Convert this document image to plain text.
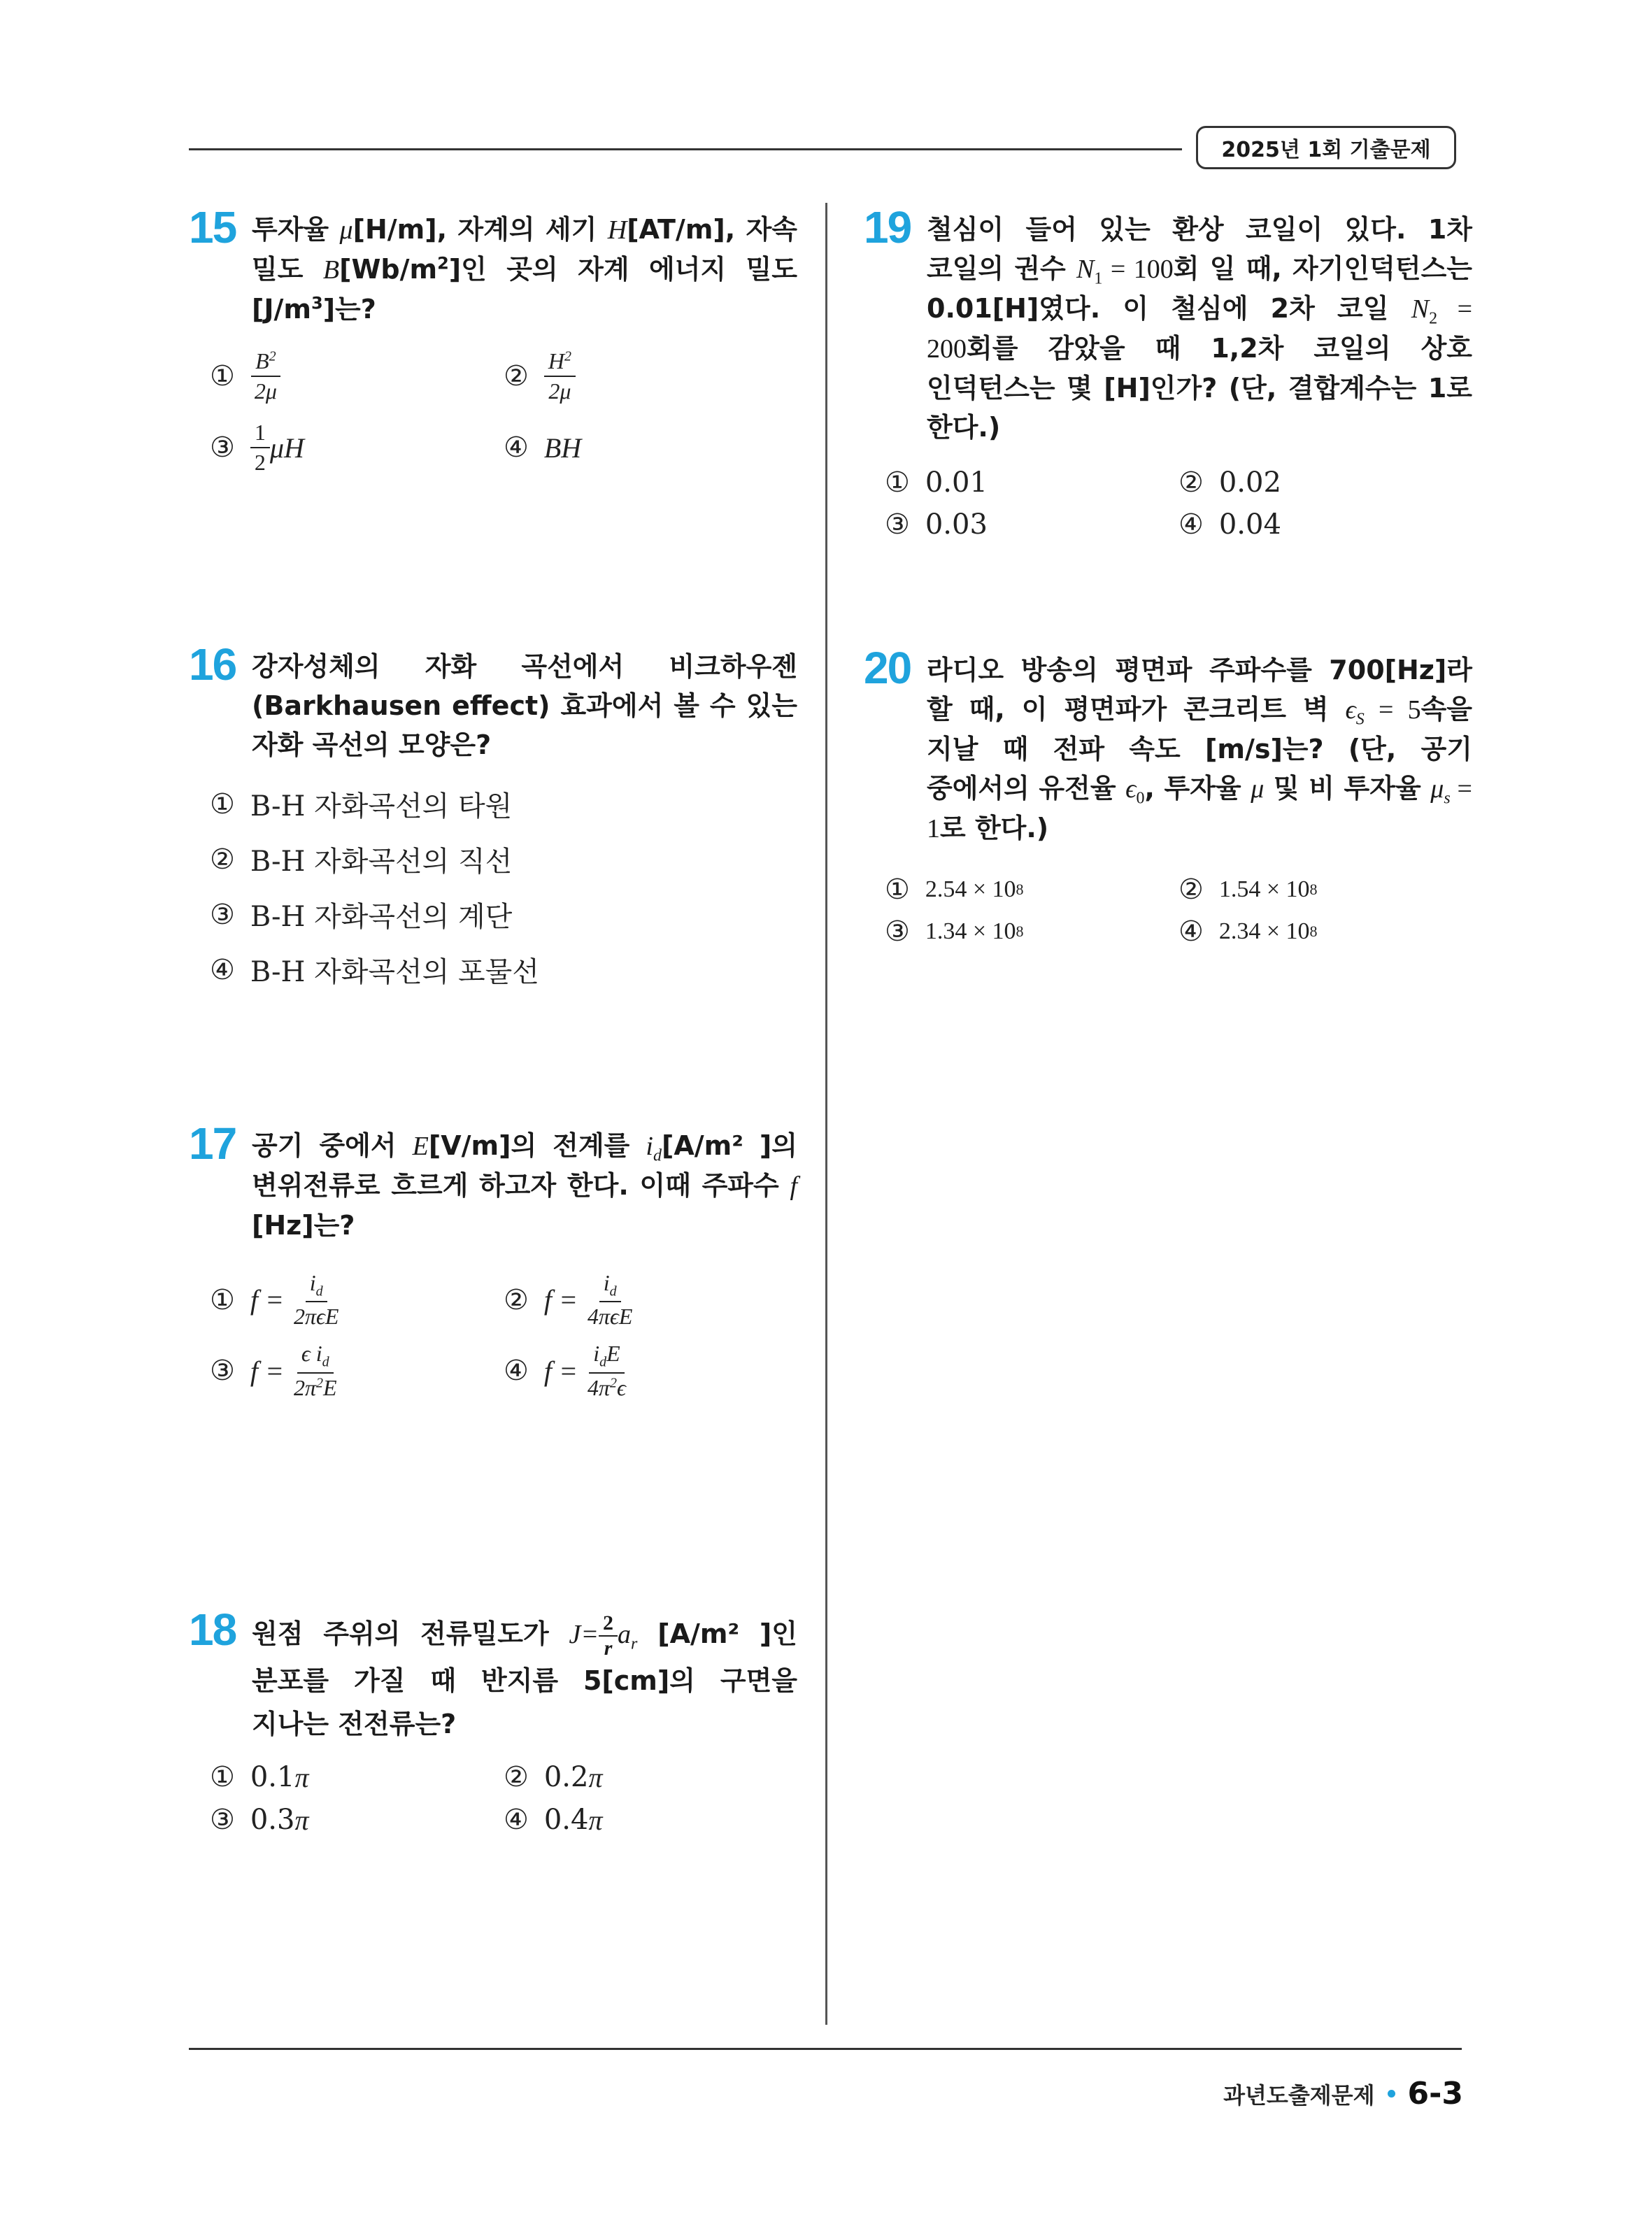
2025년 1회 기출문제
15 투자율 μ[H/m], 자계의 세기 H[AT/m], 자속 밀도 $B[Wb/m^2]$인 곳의 자계 에너지 밀도$[J/m^3]$는?
① $\frac{B^2}{2\mu}$	② $\frac{H^2}{2\mu}$
③ $\frac{1}{2}$ μH	④ BH
16 강자성체의 자화 곡선에서 비크하우젠(Barkhausen effect) 효과에서 볼 수 있는 자화 곡선의 모양은?
① B-H 자화곡선의 타원
② B-H 자화곡선의 직선
③ B-H 자화곡선의 계단
④ B-H 자화곡선의 포물선
17 공기 중에서 E[V/m]의 전계를 $i_d[A/m^2$ ]의 변위전류로 흐르게 하고자 한다. 이때 주파수 f [Hz]는?
① $f = \frac{i_d}{\text{2πϵE}}$	② $f = \frac{i_d}{\text{4πϵE}}$
③ $f = \frac{\epsilon i_d}{2\pi^2E}$	④ $f = \frac{i_dE}{4\pi^2\epsilon}$
18 원점 주위의 전류밀도가 $J= \frac{2}{r} a_r$ [A/m² ]인 분포를 가질 때 반지름 5[cm]의 구면을 지나는 전전류는?
① 0.1 π	② 0.2 π
③ 0.3 π	④ 0.4 π
19 철심이 들어 있는 환상 코일이 있다. 1차 코일의 권수 $N_1 = 100$회 일 때, 자기인덕턴스는 0.01[H]였다. 이 철심에 2차 코일 $N_2 = 200$회를 감았을 때 1,2차 코일의 상호 인덕턴스는 몇 [H]인가? (단, 결합계수는 1로 한다.)
① 0.01	② 0.02
③ 0.03	④ 0.04
20 라디오 방송의 평면파 주파수를 700[Hz]라 할 때, 이 평면파가 콘크리트 벽 $\epsilon_S = 5$속을 지날 때 전파 속도 [m/s]는? (단, 공기 중에서의 유전율 $\epsilon_0$, 투자율 μ 및 비 투자율 $\mu_s = 1$로 한다.)
① 2.54 × 10 8	② 1.54 × 10 8
③ 1.34 × 10 8	④ 2.34 × 10 8
과년도출제문제 6-3
